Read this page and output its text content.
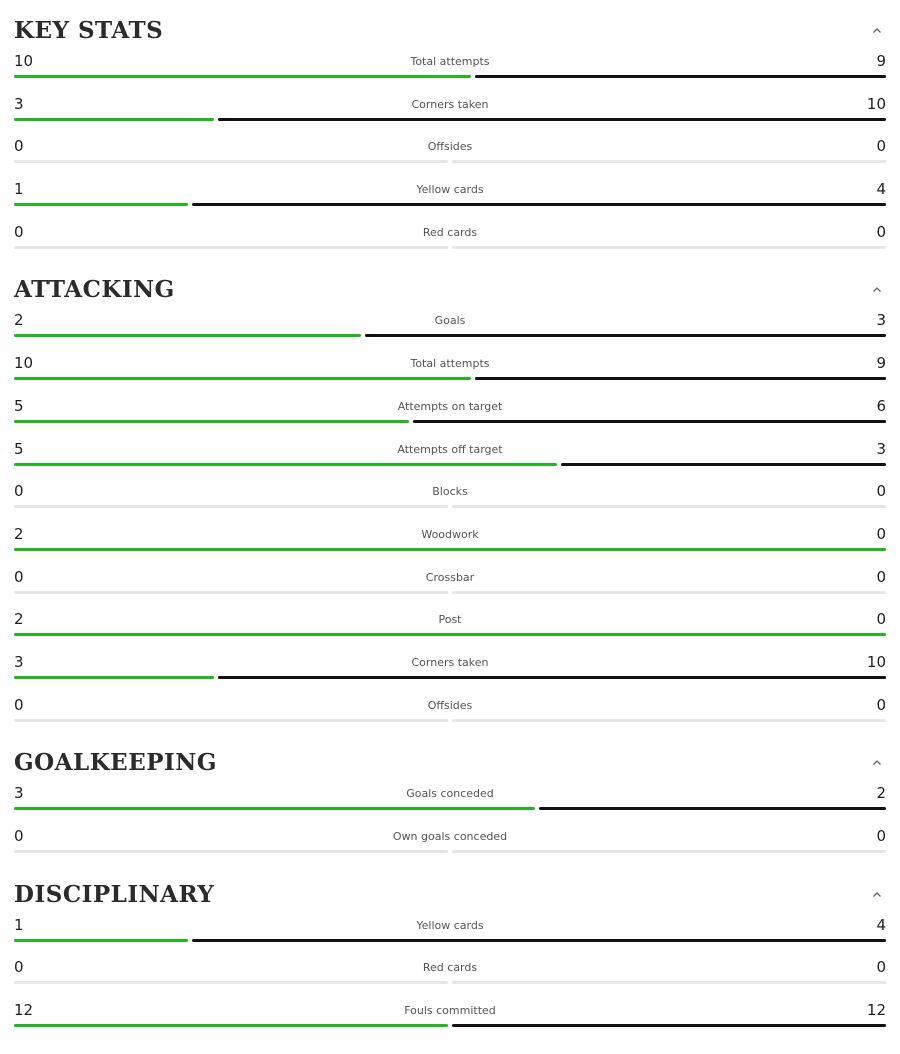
KEY STATS
10	Total attempts	9
3	Corners taken	10
0	Offsides	0
1	Yellow cards	4
0	Red cards	0
ATTACKING
2	Goals	3
10	Total attempts	9
5	Attempts on target	6
5	Attempts off target	3
0	Blocks	0
2	Woodwork	0
0	Crossbar	0
2	Post	0
3	Corners taken	10
0	Offsides	0
GOALKEEPING
3	Goals conceded	2
0	Own goals conceded	0
DISCIPLINARY
1	Yellow cards	4
0	Red cards	0
12	Fouls committed	12
